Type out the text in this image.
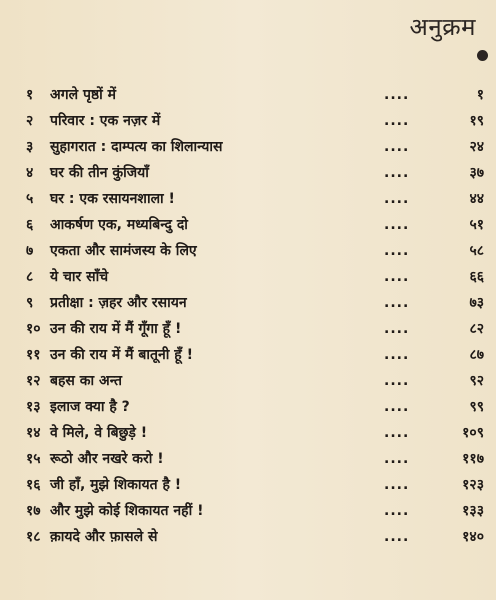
अनुक्रम
१ अगले पृष्ठों में	....	१
२ परिवार : एक नज़र में	....	१९
३ सुहागरात : दाम्पत्य का शिलान्यास	....	२४
४ घर की तीन कुंजियाँ	....	३७
५ घर : एक रसायनशाला !	....	४४
६ आकर्षण एक, मध्यबिन्दु दो	....	५१
७ एकता और सामंजस्य के लिए	....	५८
८ ये चार साँचे	....	६६
९ प्रतीक्षा : ज़हर और रसायन	....	७३
१० उन की राय में मैं गूँगा हूँ !	....	८२
११ उन की राय में मैं बातूनी हूँ !	....	८७
१२ बहस का अन्त	....	९२
१३ इलाज क्या है ?	....	९९
१४ वे मिले, वे बिछुड़े !	....	१०९
१५ रूठो और नखरे करो !	....	११७
१६ जी हाँ, मुझे शिकायत है !	....	१२३
१७ और मुझे कोई शिकायत नहीं !	....	१३३
१८ क़ायदे और फ़ासले से	....	१४०
